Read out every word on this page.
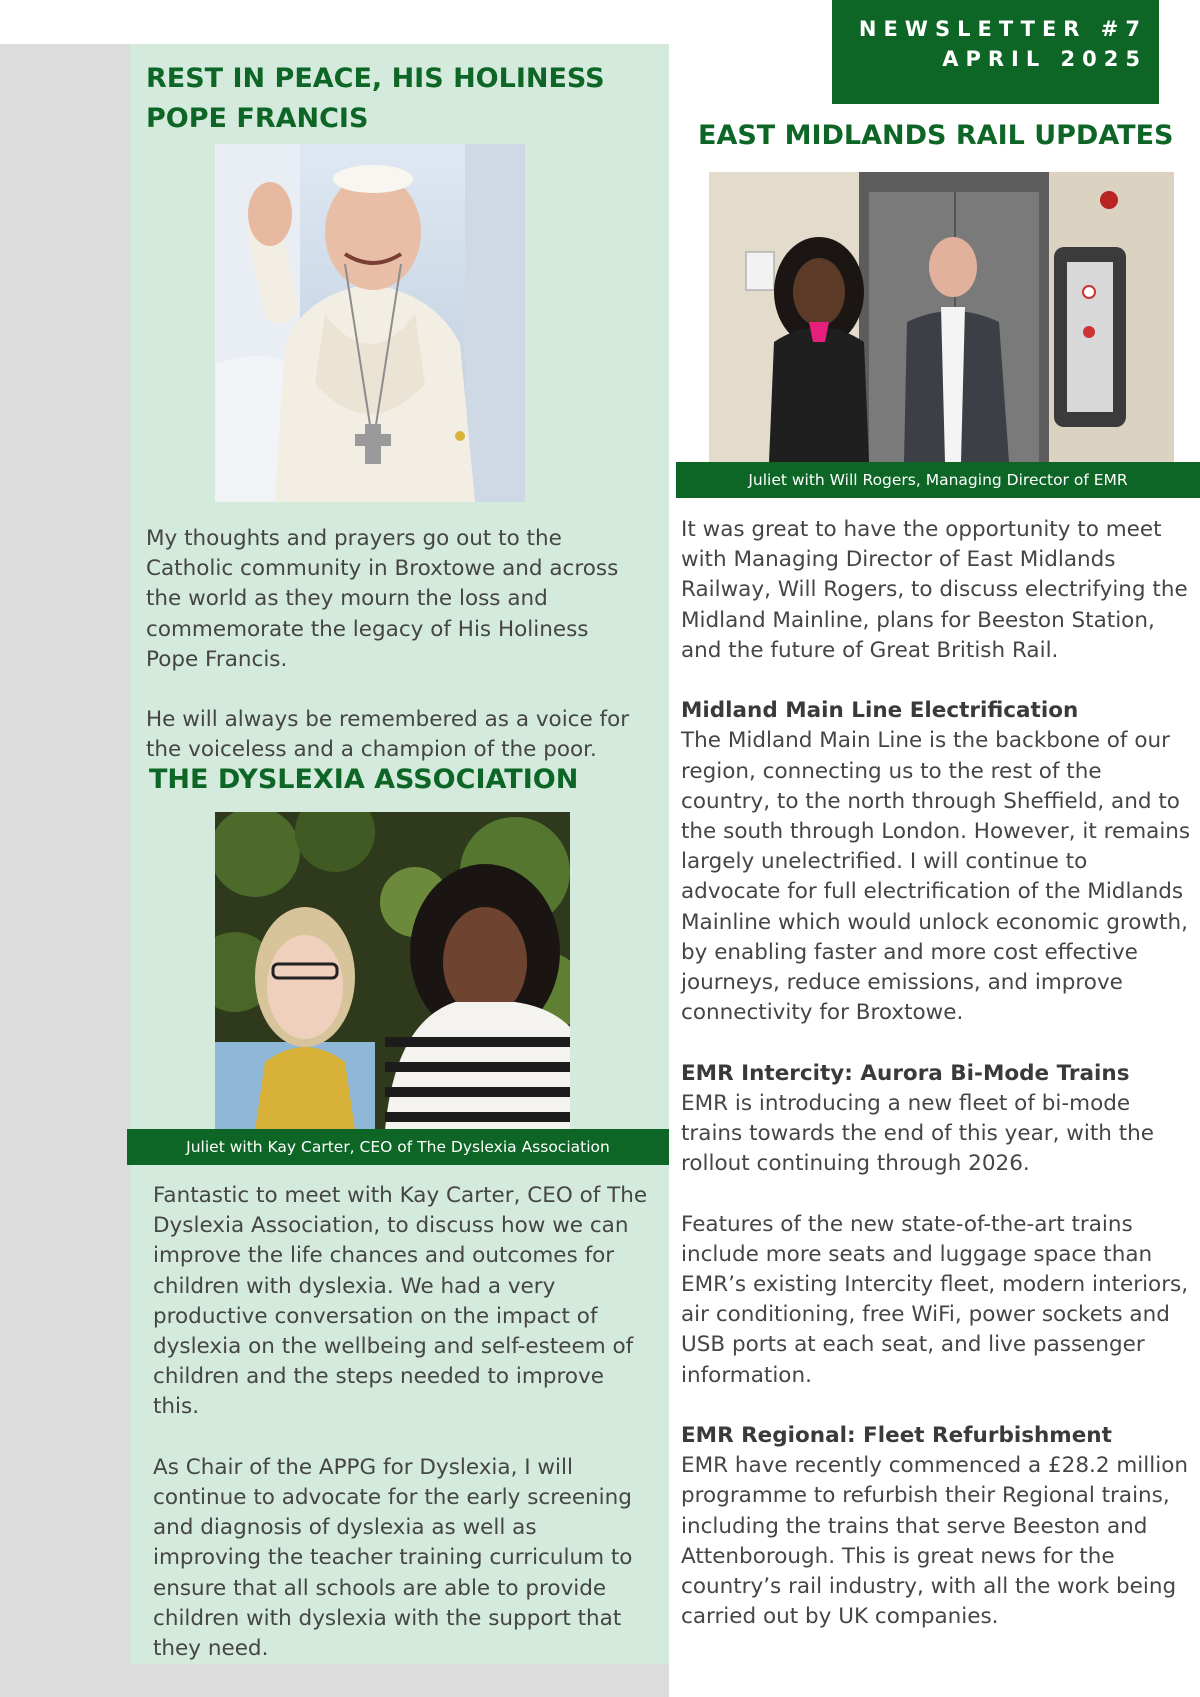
NEWSLETTER #7
APRIL 2025
REST IN PEACE, HIS HOLINESS
POPE FRANCIS

My thoughts and prayers go out to the Catholic community in Broxtowe and across the world as they mourn the loss and commemorate the legacy of His Holiness Pope Francis.

He will always be remembered as a voice for the voiceless and a champion of the poor.

THE DYSLEXIA ASSOCIATION
Juliet with Kay Carter, CEO of The Dyslexia Association

Fantastic to meet with Kay Carter, CEO of The Dyslexia Association, to discuss how we can improve the life chances and outcomes for children with dyslexia. We had a very productive conversation on the impact of dyslexia on the wellbeing and self-esteem of children and the steps needed to improve this.

As Chair of the APPG for Dyslexia, I will continue to advocate for the early screening and diagnosis of dyslexia as well as improving the teacher training curriculum to ensure that all schools are able to provide children with dyslexia with the support that they need.

EAST MIDLANDS RAIL UPDATES
Juliet with Will Rogers, Managing Director of EMR

It was great to have the opportunity to meet with Managing Director of East Midlands Railway, Will Rogers, to discuss electrifying the Midland Mainline, plans for Beeston Station, and the future of Great British Rail.

Midland Main Line Electrification
The Midland Main Line is the backbone of our region, connecting us to the rest of the country, to the north through Sheffield, and to the south through London. However, it remains largely unelectrified. I will continue to advocate for full electrification of the Midlands Mainline which would unlock economic growth, by enabling faster and more cost effective journeys, reduce emissions, and improve connectivity for Broxtowe.

EMR Intercity: Aurora Bi-Mode Trains
EMR is introducing a new fleet of bi-mode trains towards the end of this year, with the rollout continuing through 2026.

Features of the new state-of-the-art trains include more seats and luggage space than EMR’s existing Intercity fleet, modern interiors, air conditioning, free WiFi, power sockets and USB ports at each seat, and live passenger information.

EMR Regional: Fleet Refurbishment
EMR have recently commenced a £28.2 million programme to refurbish their Regional trains, including the trains that serve Beeston and Attenborough. This is great news for the country’s rail industry, with all the work being carried out by UK companies.
